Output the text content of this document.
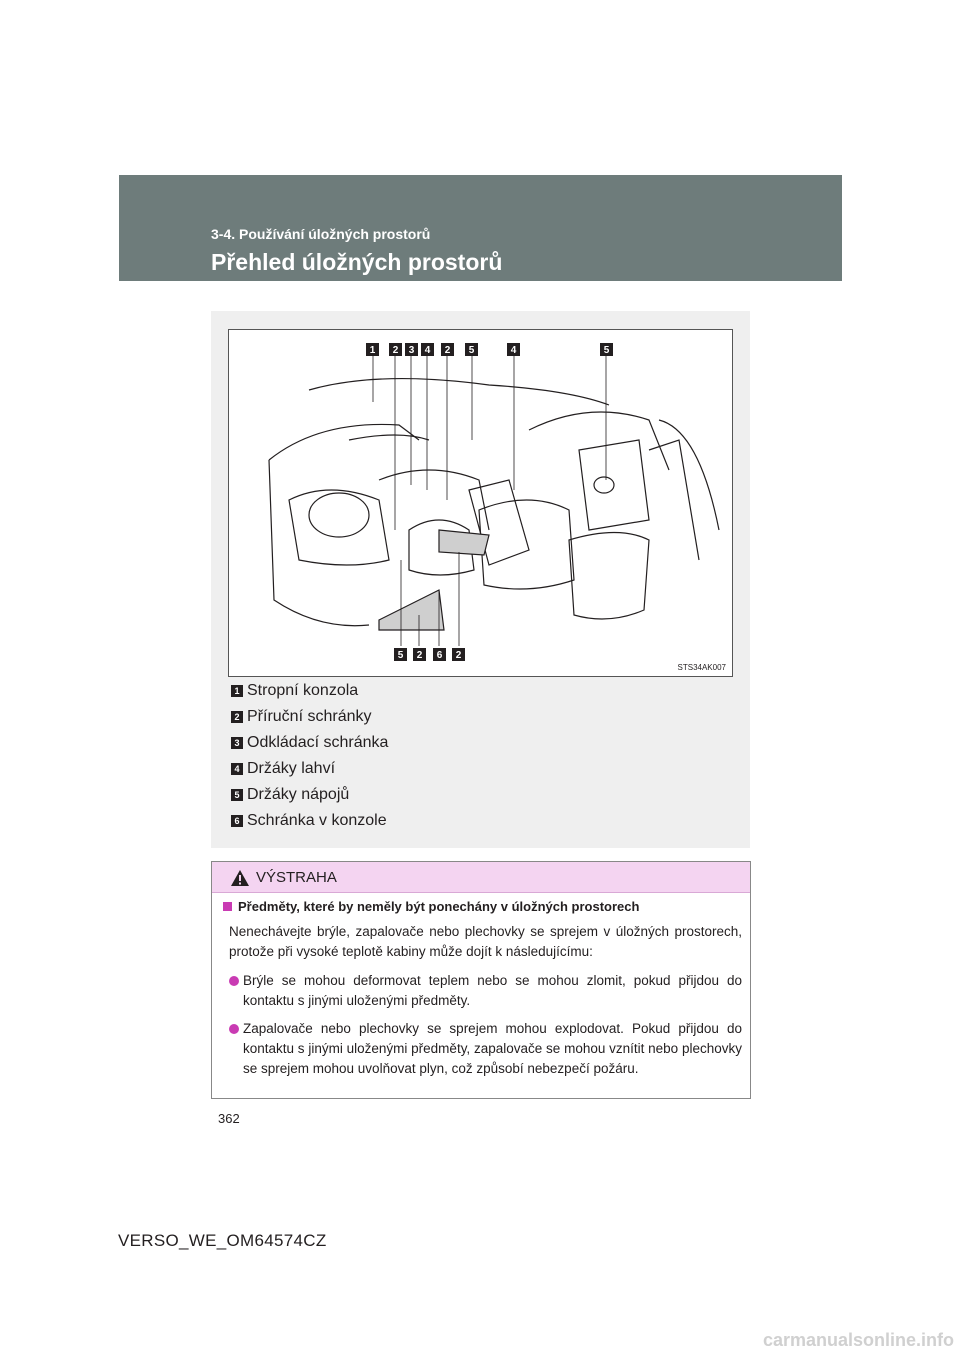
3-4. Používání úložných prostorů
Přehled úložných prostorů
1 2 3 4 2 5	4	5
5 2 6 2
STS34AK007
1 Stropní konzola
2 Příruční schránky
3 Odkládací schránka
4 Držáky lahví
5 Držáky nápojů
6 Schránka v konzole
VÝSTRAHA
Předměty, které by neměly být ponechány v úložných prostorech
Nenechávejte brýle, zapalovače nebo plechovky se sprejem v úložných prostorech, protože při vysoké teplotě kabiny může dojít k následujícímu:
Brýle se mohou deformovat teplem nebo se mohou zlomit, pokud přijdou do kontaktu s jinými uloženými předměty.
Zapalovače nebo plechovky se sprejem mohou explodovat. Pokud přijdou do kontaktu s jinými uloženými předměty, zapalovače se mohou vznítit nebo plechovky se sprejem mohou uvolňovat plyn, což způsobí nebezpečí požáru.
362
VERSO_WE_OM64574CZ
carmanualsonline.info
